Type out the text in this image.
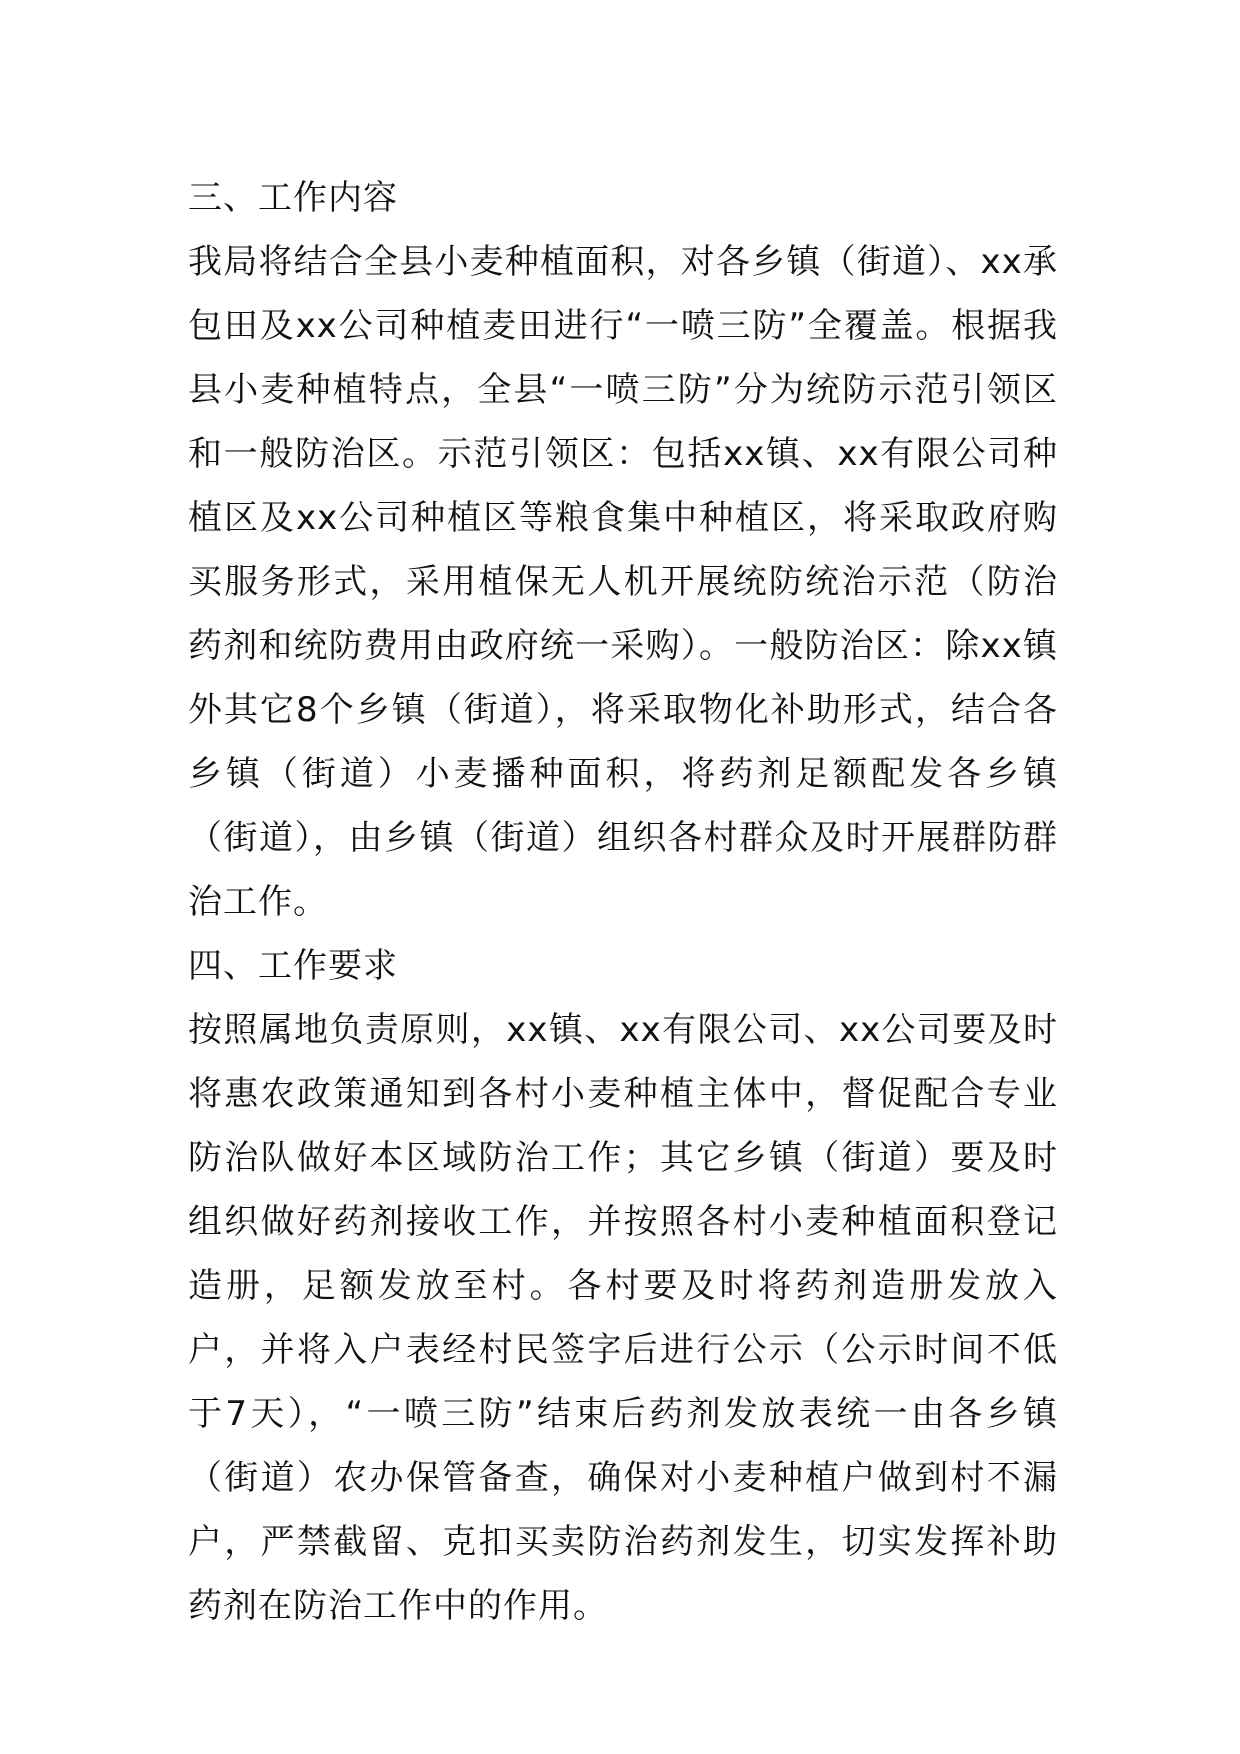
三、工作内容

我局将结合全县小麦种植面积，对各乡镇（街道）、xx承包田及xx公司种植麦田进行“一喷三防”全覆盖。根据我县小麦种植特点，全县“一喷三防”分为统防示范引领区和一般防治区。示范引领区：包括xx镇、xx有限公司种植区及xx公司种植区等粮食集中种植区，将采取政府购买服务形式，采用植保无人机开展统防统治示范（防治药剂和统防费用由政府统一采购）。一般防治区：除xx镇外其它8个乡镇（街道），将采取物化补助形式，结合各乡镇（街道）小麦播种面积，将药剂足额配发各乡镇（街道），由乡镇（街道）组织各村群众及时开展群防群治工作。

四、工作要求

按照属地负责原则，xx镇、xx有限公司、xx公司要及时将惠农政策通知到各村小麦种植主体中，督促配合专业防治队做好本区域防治工作；其它乡镇（街道）要及时组织做好药剂接收工作，并按照各村小麦种植面积登记造册，足额发放至村。各村要及时将药剂造册发放入户，并将入户表经村民签字后进行公示（公示时间不低于7天），“一喷三防”结束后药剂发放表统一由各乡镇（街道）农办保管备查，确保对小麦种植户做到村不漏户，严禁截留、克扣买卖防治药剂发生，切实发挥补助药剂在防治工作中的作用。
